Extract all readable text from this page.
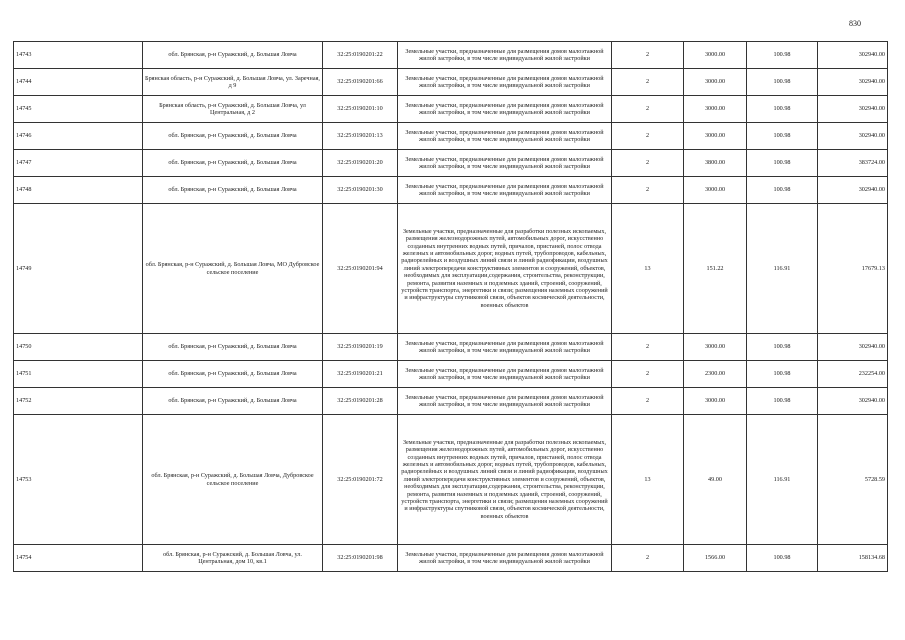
830
14743	обл. Брянская, р-н Суражский, д. Большая Ловча	32:25:0190201:22	Земельные участки, предназначенные для размещения домов малоэтажной жилой застройки, в том числе индивидуальной жилой застройки	2	3000.00	100.98	302940.00
14744	Брянская область, р-н Суражский, д. Большая Ловча, ул. Заречная, д 9	32:25:0190201:66	Земельные участки, предназначенные для размещения домов малоэтажной жилой застройки, в том числе индивидуальной жилой застройки	2	3000.00	100.98	302940.00
14745	Брянская область, р-н Суражский, д. Большая Ловча, ул Центральная, д 2	32:25:0190201:10	Земельные участки, предназначенные для размещения домов малоэтажной жилой застройки, в том числе индивидуальной жилой застройки	2	3000.00	100.98	302940.00
14746	обл. Брянская, р-н Суражский, д. Большая Ловча	32:25:0190201:13	Земельные участки, предназначенные для размещения домов малоэтажной жилой застройки, в том числе индивидуальной жилой застройки	2	3000.00	100.98	302940.00
14747	обл. Брянская, р-н Суражский, д. Большая Ловча	32:25:0190201:20	Земельные участки, предназначенные для размещения домов малоэтажной жилой застройки, в том числе индивидуальной жилой застройки	2	3800.00	100.98	383724.00
14748	обл. Брянская, р-н Суражский, д. Большая Ловча	32:25:0190201:30	Земельные участки, предназначенные для размещения домов малоэтажной жилой застройки, в том числе индивидуальной жилой застройки	2	3000.00	100.98	302940.00
14749	обл. Брянская, р-н Суражский, д. Большая Ловча, МО Дубровское сельское поселение	32:25:0190201:94	Земельные участки, предназначенные для разработки полезных ископаемых, размещения железнодорожных путей, автомобильных дорог, искусственно созданных внутренних водных путей, причалов, пристаней, полос отвода железных и автомобильных дорог, водных путей, трубопроводов, кабельных, радиорелейных и воздушных линий связи и линий радиофикации, воздушных линий электропередачи конструктивных элементов и сооружений, объектов, необходимых для эксплуатации,содержания, строительства, реконструкции, ремонта, развития наземных и подземных зданий, строений, сооружений, устройств транспорта, энергетики и связи; размещения наземных сооружений и инфраструктуры спутниковой связи, объектов космической деятельности, военных объектов	13	151.22	116.91	17679.13
14750	обл. Брянская, р-н Суражский, д. Большая Ловча	32:25:0190201:19	Земельные участки, предназначенные для размещения домов малоэтажной жилой застройки, в том числе индивидуальной жилой застройки	2	3000.00	100.98	302940.00
14751	обл. Брянская, р-н Суражский, д. Большая Ловча	32:25:0190201:21	Земельные участки, предназначенные для размещения домов малоэтажной жилой застройки, в том числе индивидуальной жилой застройки	2	2300.00	100.98	232254.00
14752	обл. Брянская, р-н Суражский, д. Большая Ловча	32:25:0190201:28	Земельные участки, предназначенные для размещения домов малоэтажной жилой застройки, в том числе индивидуальной жилой застройки	2	3000.00	100.98	302940.00
14753	обл. Брянская, р-н Суражский, д. Большая Ловча, Дубровское сельское поселение	32:25:0190201:72	Земельные участки, предназначенные для разработки полезных ископаемых, размещения железнодорожных путей, автомобильных дорог, искусственно созданных внутренних водных путей, причалов, пристаней, полос отвода железных и автомобильных дорог, водных путей, трубопроводов, кабельных, радиорелейных и воздушных линий связи и линий радиофикации, воздушных линий электропередачи конструктивных элементов и сооружений, объектов, необходимых для эксплуатации,содержания, строительства, реконструкции, ремонта, развития наземных и подземных зданий, строений, сооружений, устройств транспорта, энергетики и связи; размещения наземных сооружений и инфраструктуры спутниковой связи, объектов космической деятельности, военных объектов	13	49.00	116.91	5728.59
14754	обл. Брянская, р-н Суражский, д. Большая Ловча, ул. Центральная, дом 10, кв.1	32:25:0190201:98	Земельные участки, предназначенные для размещения домов малоэтажной жилой застройки, в том числе индивидуальной жилой застройки	2	1566.00	100.98	158134.68
